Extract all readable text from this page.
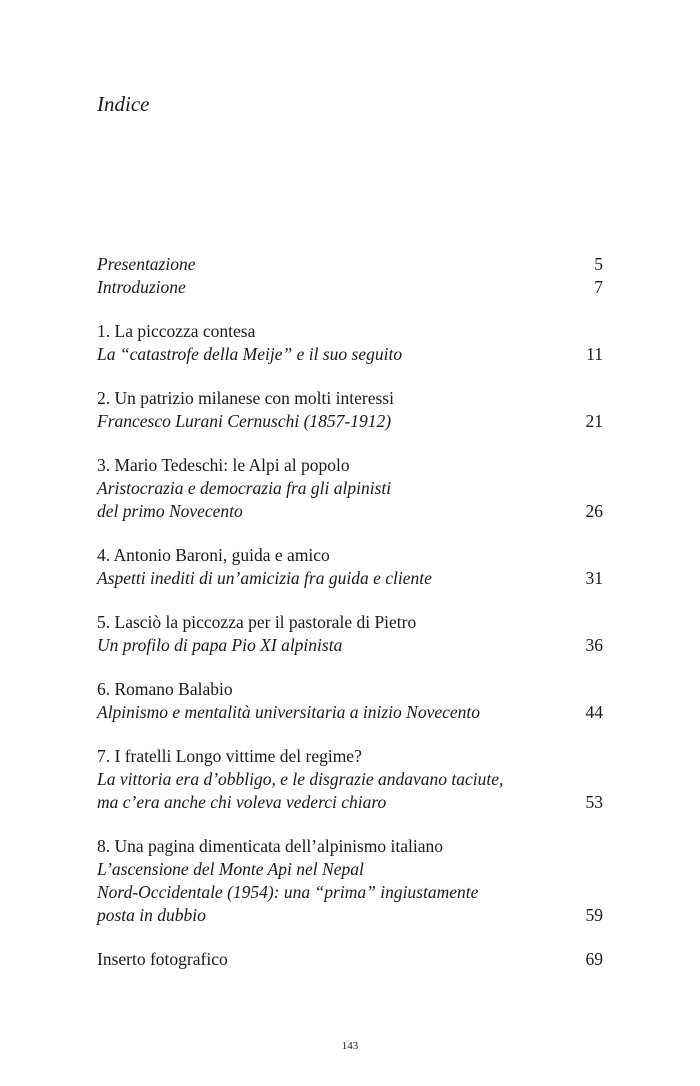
Indice
Presentazione	5
Introduzione	7
1. La piccozza contesa
La “catastrofe della Meije” e il suo seguito	11
2. Un patrizio milanese con molti interessi
Francesco Lurani Cernuschi (1857-1912)	21
3. Mario Tedeschi: le Alpi al popolo
Aristocrazia e democrazia fra gli alpinisti
del primo Novecento	26
4. Antonio Baroni, guida e amico
Aspetti inediti di un’amicizia fra guida e cliente	31
5. Lasciò la piccozza per il pastorale di Pietro
Un profilo di papa Pio XI alpinista	36
6. Romano Balabio
Alpinismo e mentalità universitaria a inizio Novecento	44
7. I fratelli Longo vittime del regime?
La vittoria era d’obbligo, e le disgrazie andavano taciute,
ma c’era anche chi voleva vederci chiaro	53
8. Una pagina dimenticata dell’alpinismo italiano
L’ascensione del Monte Api nel Nepal
Nord-Occidentale (1954): una “prima” ingiustamente
posta in dubbio	59
Inserto fotografico	69
143
